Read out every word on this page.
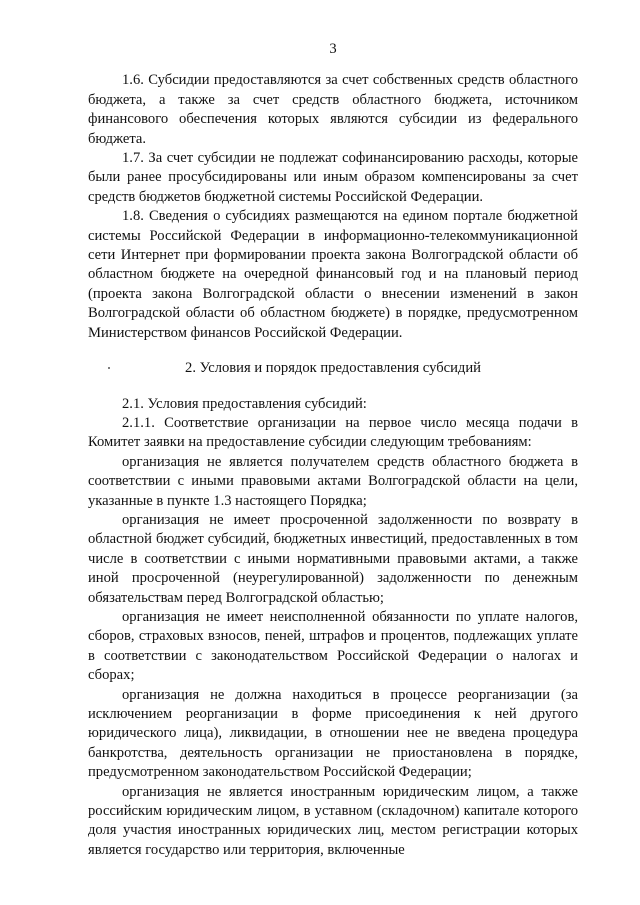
3

1.6. Субсидии предоставляются за счет собственных средств областного бюджета, а также за счет средств областного бюджета, источником финансового обеспечения которых являются субсидии из федерального бюджета.

1.7. За счет субсидии не подлежат софинансированию расходы, которые были ранее просубсидированы или иным образом компенсированы за счет средств бюджетов бюджетной системы Российской Федерации.

1.8. Сведения о субсидиях размещаются на едином портале бюджетной системы Российской Федерации в информационно-телекоммуникационной сети Интернет при формировании проекта закона Волгоградской области об областном бюджете на очередной финансовый год и на плановый период (проекта закона Волгоградской области о внесении изменений в закон Волгоградской области об областном бюджете) в порядке, предусмотренном Министерством финансов Российской Федерации.

2. Условия и порядок предоставления субсидий

2.1. Условия предоставления субсидий:

2.1.1. Соответствие организации на первое число месяца подачи в Комитет заявки на предоставление субсидии следующим требованиям:

организация не является получателем средств областного бюджета в соответствии с иными правовыми актами Волгоградской области на цели, указанные в пункте 1.3 настоящего Порядка;

организация не имеет просроченной задолженности по возврату в областной бюджет субсидий, бюджетных инвестиций, предоставленных в том числе в соответствии с иными нормативными правовыми актами, а также иной просроченной (неурегулированной) задолженности по денежным обязательствам перед Волгоградской областью;

организация не имеет неисполненной обязанности по уплате налогов, сборов, страховых взносов, пеней, штрафов и процентов, подлежащих уплате в соответствии с законодательством Российской Федерации о налогах и сборах;

организация не должна находиться в процессе реорганизации (за исключением реорганизации в форме присоединения к ней другого юридического лица), ликвидации, в отношении нее не введена процедура банкротства, деятельность организации не приостановлена в порядке, предусмотренном законодательством Российской Федерации;

организация не является иностранным юридическим лицом, а также российским юридическим лицом, в уставном (складочном) капитале которого доля участия иностранных юридических лиц, местом регистрации которых является государство или территория, включенные
